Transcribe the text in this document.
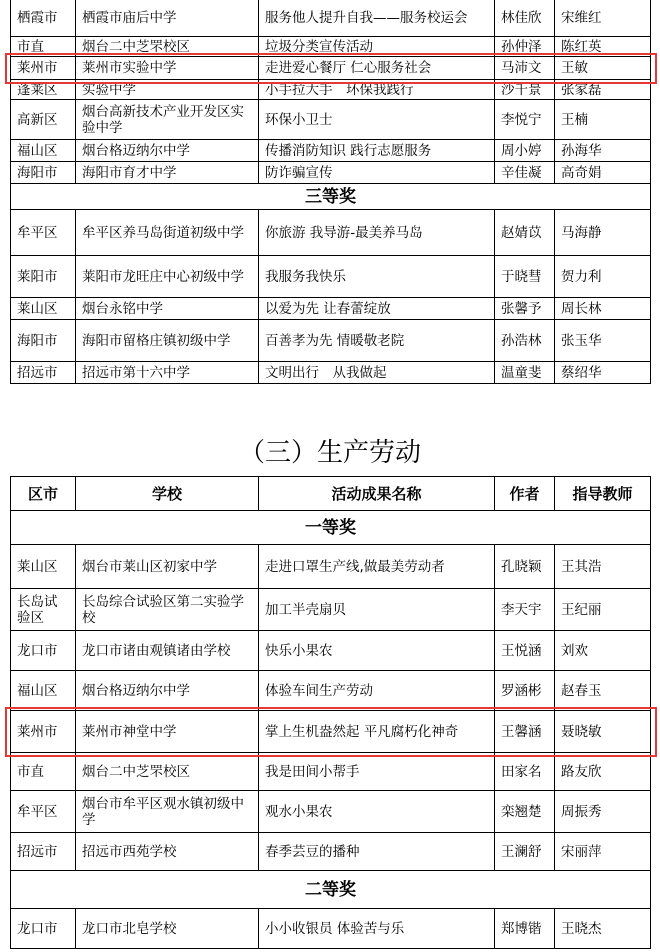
栖霞市	栖霞市庙后中学	服务他人提升自我——服务校运会	林佳欣	宋维红
市直	烟台二中芝罘校区	垃圾分类宣传活动	孙仲泽	陈红英
莱州市	莱州市实验中学	走进爱心餐厅 仁心服务社会	马沛文	王敏
蓬莱区	实验中学	小手拉大手　环保我践行	沙千景	张家磊
高新区	烟台高新技术产业开发区实验中学	环保小卫士	李悦宁	王楠
福山区	烟台格迈纳尔中学	传播消防知识 践行志愿服务	周小婷	孙海华
海阳市	海阳市育才中学	防诈骗宣传	辛佳凝	高奇娟
三等奖				
牟平区	牟平区养马岛街道初级中学	你旅游 我导游-最美养马岛	赵婧苡	马海静
莱阳市	莱阳市龙旺庄中心初级中学	我服务我快乐	于晓彗	贺力利
莱山区	烟台永铭中学	以爱为先 让春蕾绽放	张馨予	周长林
海阳市	海阳市留格庄镇初级中学	百善孝为先 情暖敬老院	孙浩林	张玉华
招远市	招远市第十六中学	文明出行　从我做起	温童斐	蔡绍华
（三）生产劳动
区市	学校	活动成果名称	作者	指导教师
一等奖				
莱山区	烟台市莱山区初家中学	走进口罩生产线,做最美劳动者	孔晓颖	王其浩
长岛试验区	长岛综合试验区第二实验学校	加工半壳扇贝	李天宇	王纪丽
龙口市	龙口市诸由观镇诸由学校	快乐小果农	王悦涵	刘欢
福山区	烟台格迈纳尔中学	体验车间生产劳动	罗涵彬	赵春玉
莱州市	莱州市神堂中学	掌上生机盎然起 平凡腐朽化神奇	王馨涵	聂晓敏
市直	烟台二中芝罘校区	我是田间小帮手	田家名	路友欣
牟平区	烟台市牟平区观水镇初级中学	观水小果农	栾翘楚	周振秀
招远市	招远市西苑学校	春季芸豆的播种	王澜舒	宋丽萍
二等奖				
龙口市	龙口市北皂学校	小小收银员 体验苦与乐	郑博锴	王晓杰
